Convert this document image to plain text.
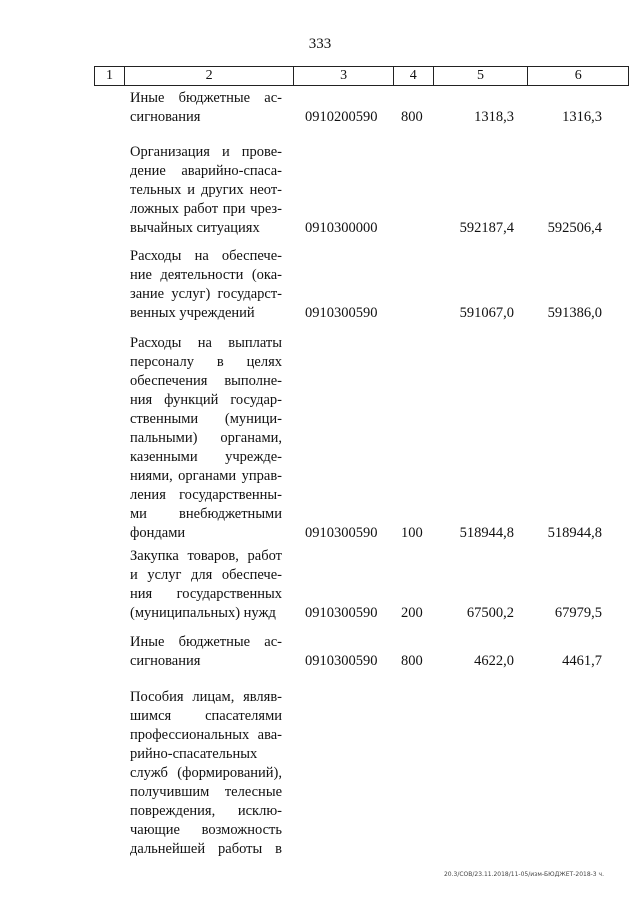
333
1	2	3	4	5	6
Иные бюджетные ас-
сигнования	0910200590 800	1318,3	1316,3
Организация и прове-
дение аварийно-спаса-
тельных и других неот-
ложных работ при чрез-
вычайных ситуациях	0910300000	592187,4 592506,4
Расходы на обеспече-
ние деятельности (ока-
зание услуг) государст-
венных учреждений	0910300590	591067,0 591386,0
Расходы на выплаты
персоналу в целях
обеспечения выполне-
ния функций государ-
ственными (муници-
пальными) органами,
казенными учрежде-
ниями, органами управ-
ления государственны-
ми внебюджетными
фондами	0910300590 100	518944,8 518944,8
Закупка товаров, работ
и услуг для обеспече-
ния государственных
(муниципальных) нужд	0910300590 200	67500,2	67979,5
Иные бюджетные ас-
сигнования	0910300590 800	4622,0	4461,7
Пособия лицам, являв-
шимся спасателями
профессиональных ава-
рийно-спасательных
служб (формирований),
получившим телесные
повреждения, исклю-
чающие возможность
дальнейшей работы в
20.3/СОВ/23.11.2018/11-05/изм-БЮДЖЕТ-2018-3 ч.
